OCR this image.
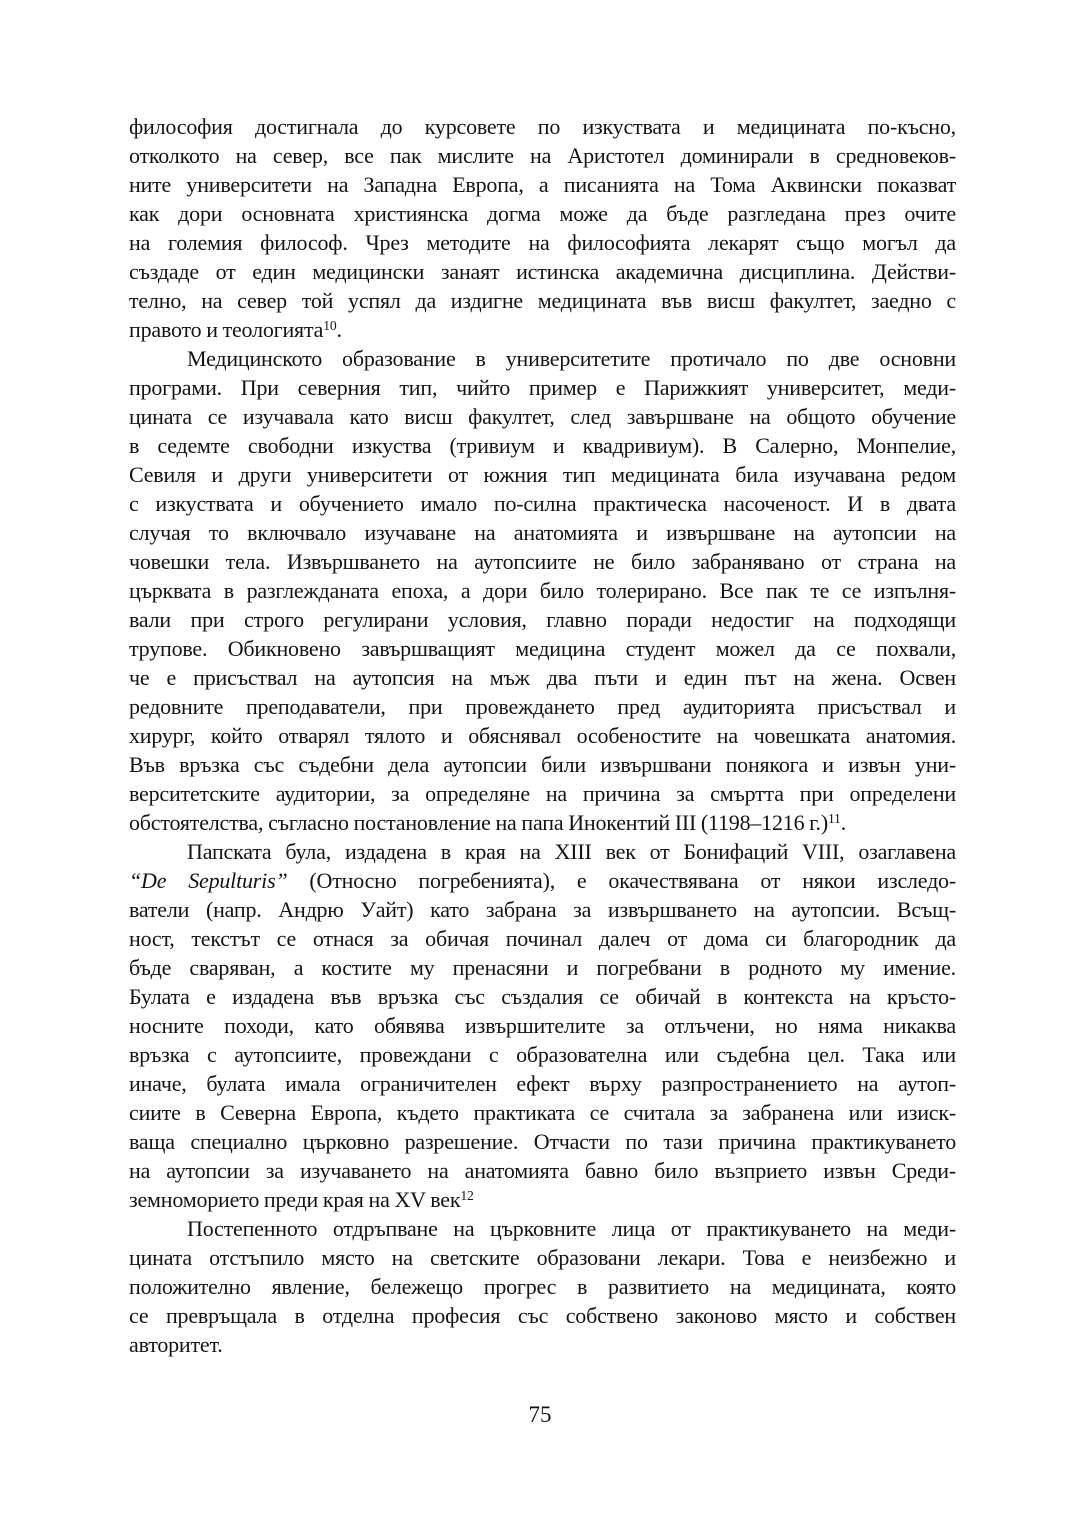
философия достигнала до курсовете по изкуствата и медицината по-късно,
отколкото на север, все пак мислите на Аристотел доминирали в средновеков-
ните университети на Западна Европа, а писанията на Тома Аквински показват
как дори основната християнска догма може да бъде разгледана през очите
на големия философ. Чрез методите на философията лекарят също могъл да
създаде от един медицински занаят истинска академична дисциплина. Действи-
телно, на север той успял да издигне медицината във висш факултет, заедно с
правото и теологията$^{10}$.
Медицинското образование в университетите протичало по две основни
програми. При северния тип, чийто пример е Парижкият университет, меди-
цината се изучавала като висш факултет, след завършване на общото обучение
в седемте свободни изкуства (тривиум и квадривиум). В Салерно, Монпелие,
Севиля и други университети от южния тип медицината била изучавана редом
с изкуствата и обучението имало по-силна практическа насоченост. И в двата
случая то включвало изучаване на анатомията и извършване на аутопсии на
човешки тела. Извършването на аутопсиите не било забранявано от страна на
църквата в разглежданата епоха, а дори било толерирано. Все пак те се изпълня-
вали при строго регулирани условия, главно поради недостиг на подходящи
трупове. Обикновено завършващият медицина студент можел да се похвали,
че е присъствал на аутопсия на мъж два пъти и един път на жена. Освен
редовните преподаватели, при провеждането пред аудиторията присъствал и
хирург, който отварял тялото и обяснявал особеностите на човешката анатомия.
Във връзка със съдебни дела аутопсии били извършвани понякога и извън уни-
верситетските аудитории, за определяне на причина за смъртта при определени
обстоятелства, съгласно постановление на папа Инокентий III (1198–1216 г.)$^{11}$.
Папската була, издадена в края на XIII век от Бонифаций VIII, озаглавена
“De Sepulturis” (Относно погребенията), е окачествявана от някои изследо-
ватели (напр. Андрю Уайт) като забрана за извършването на аутопсии. Всъщ-
ност, текстът се отнася за обичая починал далеч от дома си благородник да
бъде сваряван, а костите му пренасяни и погребвани в родното му имение.
Булата е издадена във връзка със създалия се обичай в контекста на кръсто-
носните походи, като обявява извършителите за отлъчени, но няма никаква
връзка с аутопсиите, провеждани с образователна или съдебна цел. Така или
иначе, булата имала ограничителен ефект върху разпространението на аутоп-
сиите в Северна Европа, където практиката се считала за забранена или изиск-
ваща специално църковно разрешение. Отчасти по тази причина практикуването
на аутопсии за изучаването на анатомията бавно било възприето извън Среди-
земноморието преди края на XV век$^{12}$
Постепенното отдръпване на църковните лица от практикуването на меди-
цината отстъпило място на светските образовани лекари. Това е неизбежно и
положително явление, бележещо прогрес в развитието на медицината, която
се превръщала в отделна професия със собствено законово място и собствен
авторитет.
75
